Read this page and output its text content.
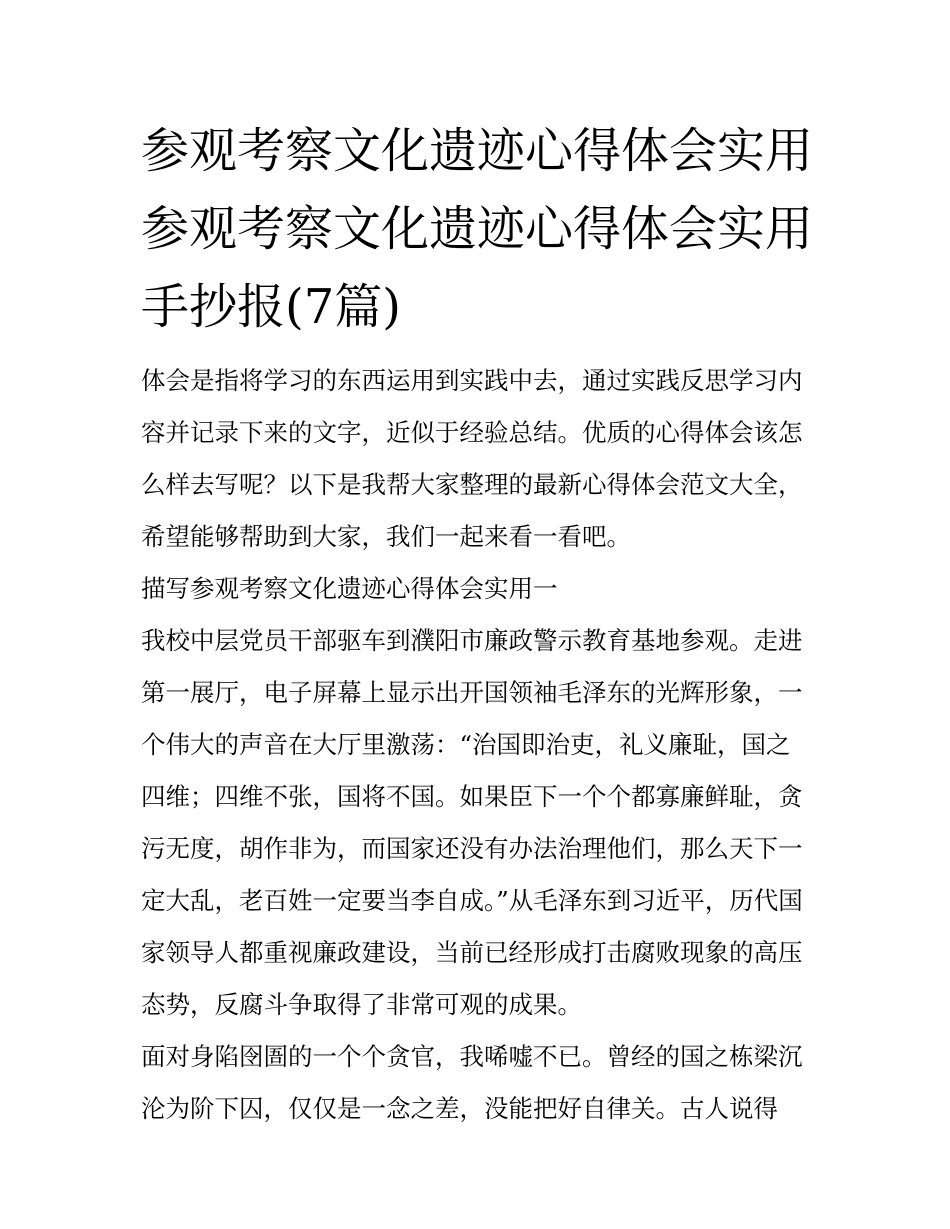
参观考察文化遗迹心得体会实用 参观考察文化遗迹心得体会实用手抄报(7篇)

体会是指将学习的东西运用到实践中去，通过实践反思学习内容并记录下来的文字，近似于经验总结。优质的心得体会该怎么样去写呢？以下是我帮大家整理的最新心得体会范文大全，希望能够帮助到大家，我们一起来看一看吧。

描写参观考察文化遗迹心得体会实用一

我校中层党员干部驱车到濮阳市廉政警示教育基地参观。走进第一展厅，电子屏幕上显示出开国领袖毛泽东的光辉形象，一个伟大的声音在大厅里激荡：“治国即治吏，礼义廉耻，国之四维；四维不张，国将不国。如果臣下一个个都寡廉鲜耻，贪污无度，胡作非为，而国家还没有办法治理他们，那么天下一定大乱，老百姓一定要当李自成。”从毛泽东到习近平，历代国家领导人都重视廉政建设，当前已经形成打击腐败现象的高压态势，反腐斗争取得了非常可观的成果。

面对身陷囹圄的一个个贪官，我唏嘘不已。曾经的国之栋梁沉沦为阶下囚，仅仅是一念之差，没能把好自律关。古人说得
